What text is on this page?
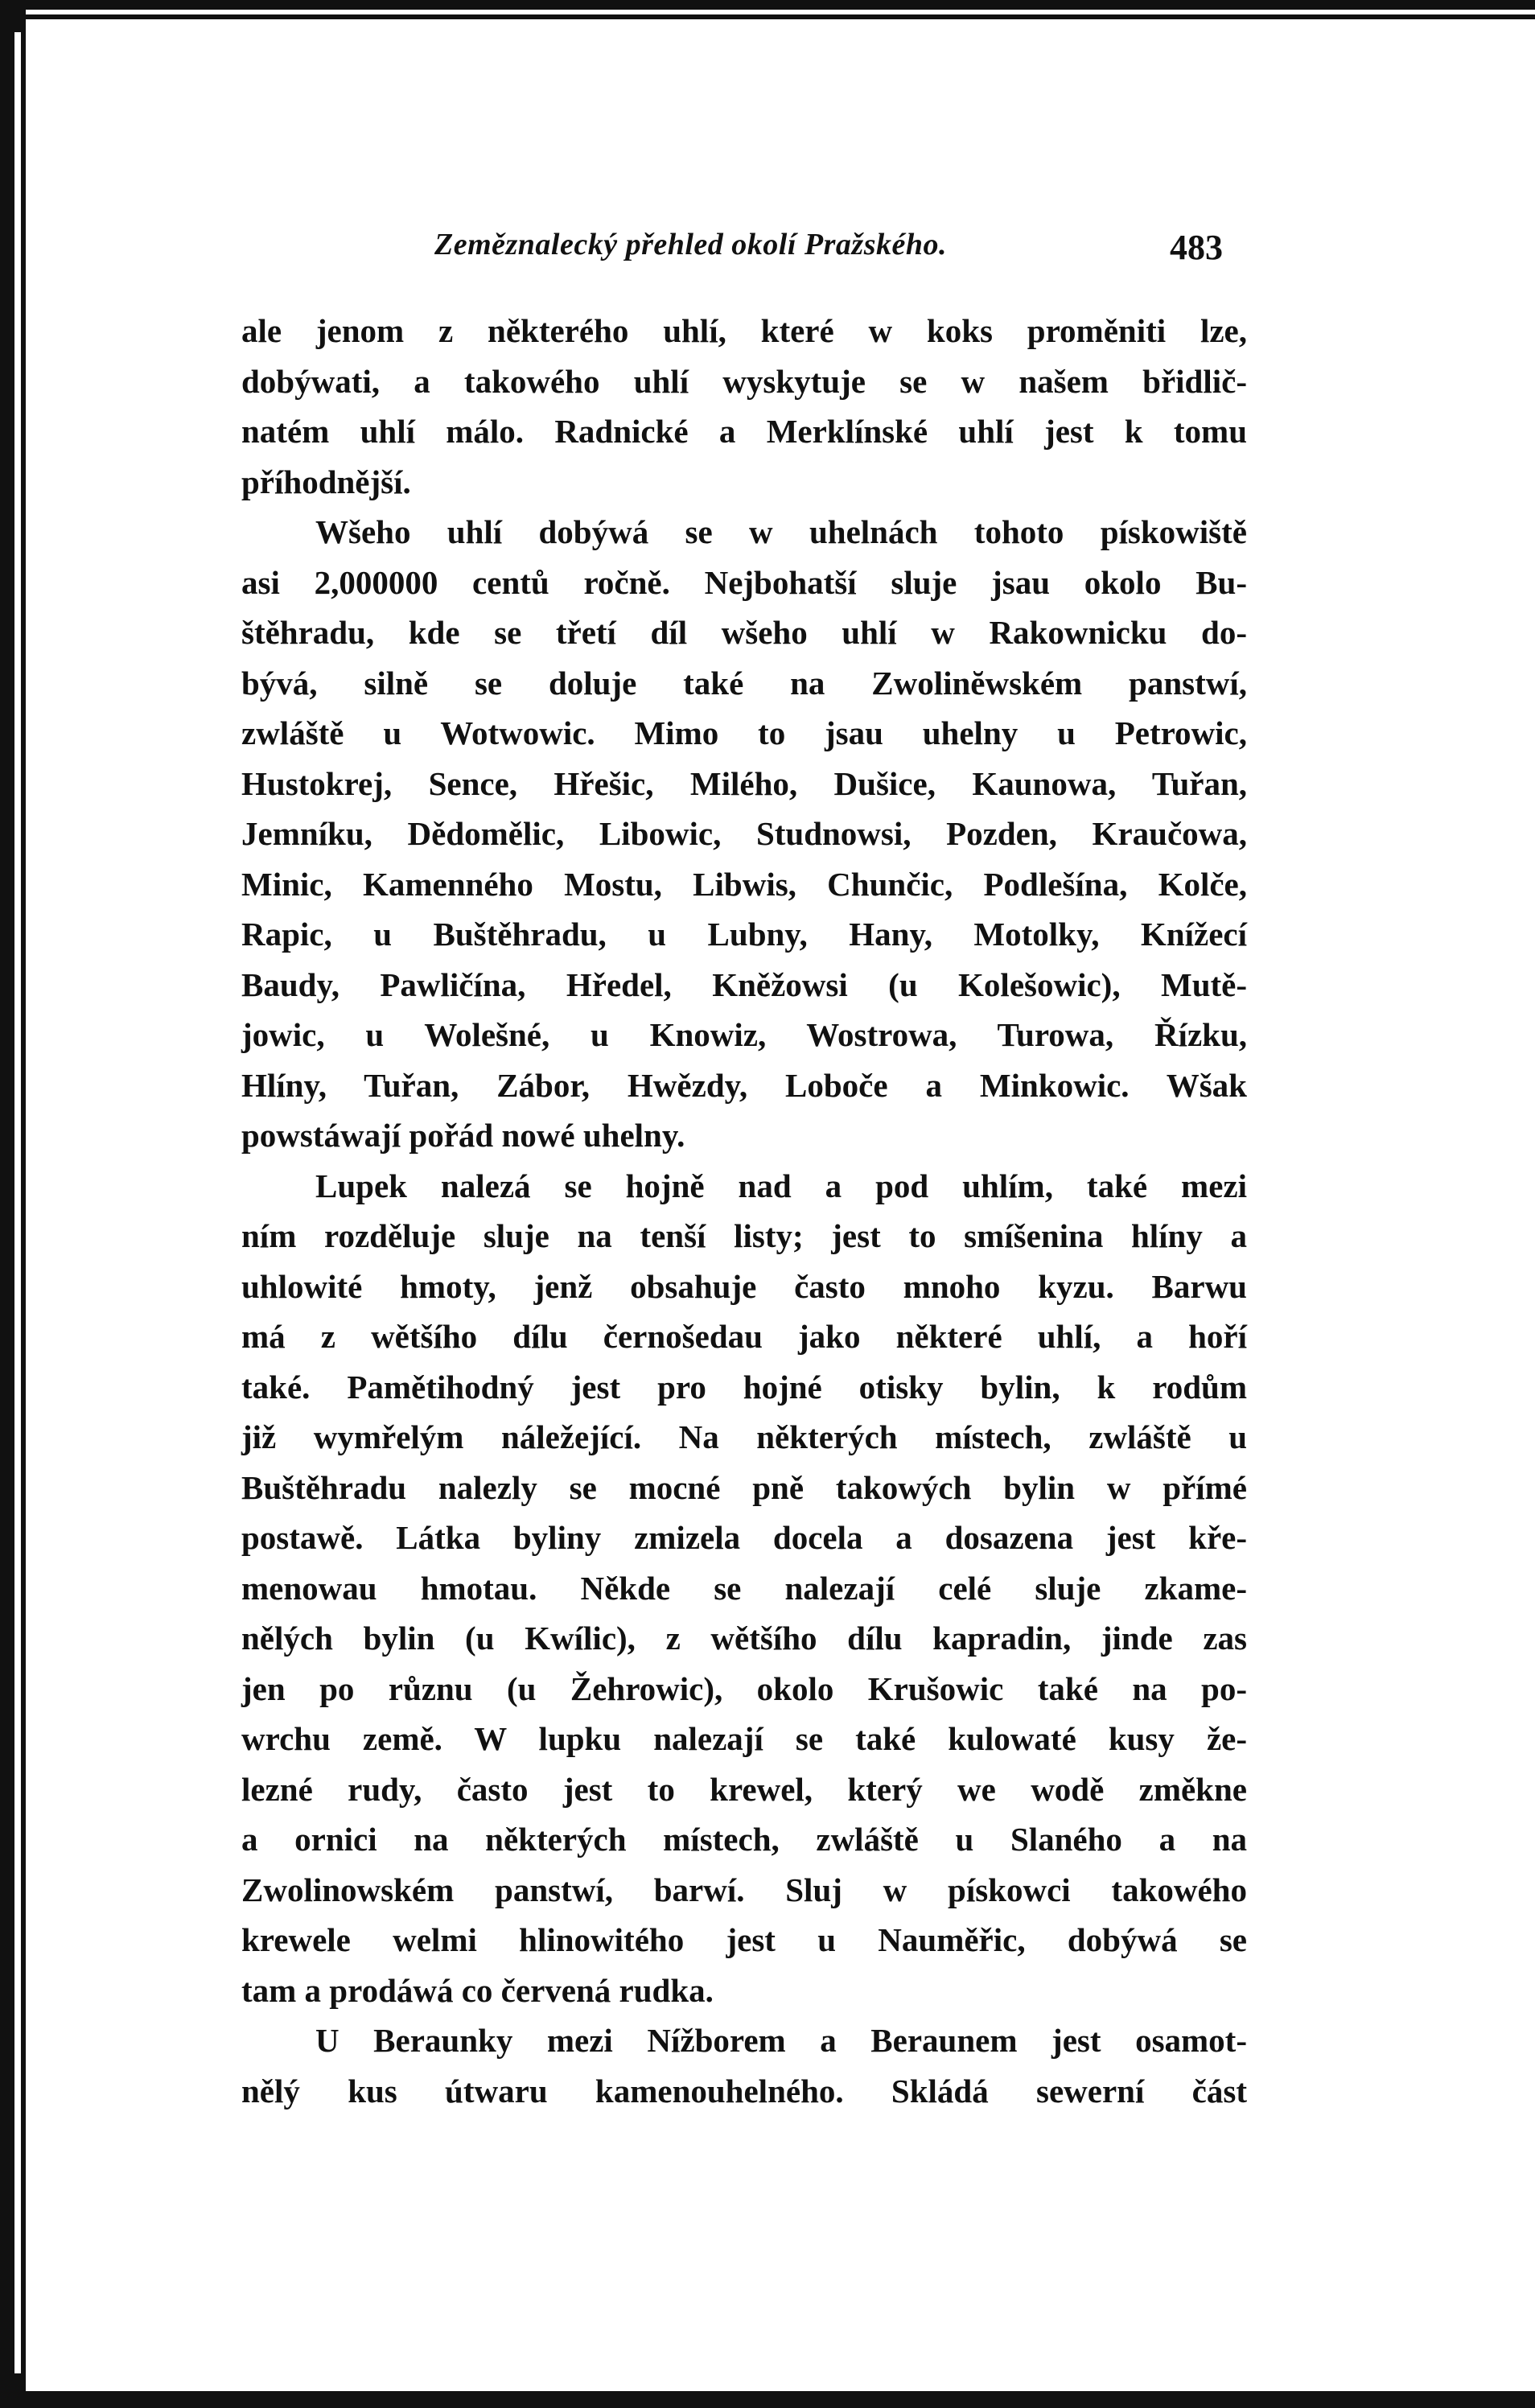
Zeměznalecký přehled okolí Pražského.	483
ale jenom z některého uhlí, které w koks proměniti lze,
dobýwati, a takowého uhlí wyskytuje se w našem břidlič-
natém uhlí málo. Radnické a Merklínské uhlí jest k tomu
příhodnější.
Wšeho uhlí dobýwá se w uhelnách tohoto pískowiště
asi 2,000000 centů ročně. Nejbohatší sluje jsau okolo Bu-
štěhradu, kde se třetí díl wšeho uhlí w Rakownicku do-
bývá, silně se doluje také na Zwolinĕwském panstwí,
zwláště u Wotwowic. Mimo to jsau uhelny u Petrowic,
Hustokrej, Sence, Hřešic, Milého, Dušice, Kaunowa, Tuřan,
Jemníku, Dědomělic, Libowic, Studnowsi, Pozden, Kraučowa,
Minic, Kamenného Mostu, Libwis, Chunčic, Podlešína, Kolče,
Rapic, u Buštěhradu, u Lubny, Hany, Motolky, Knížecí
Baudy, Pawličína, Hředel, Kněžowsi (u Kolešowic), Mutě-
jowic, u Wolešné, u Knowiz, Wostrowa, Turowa, Řízku,
Hlíny, Tuřan, Zábor, Hwězdy, Loboče a Minkowic. Wšak
powstáwají pořád nowé uhelny.
Lupek nalezá se hojně nad a pod uhlím, také mezi
ním rozděluje sluje na tenší listy; jest to smíšenina hlíny a
uhlowité hmoty, jenž obsahuje často mnoho kyzu. Barwu
má z wětšího dílu černošedau jako některé uhlí, a hoří
také. Pamětihodný jest pro hojné otisky bylin, k rodům
již wymřelým náležející. Na některých místech, zwláště u
Buštěhradu nalezly se mocné pně takowých bylin w přímé
postawě. Látka byliny zmizela docela a dosazena jest kře-
menowau hmotau. Někde se nalezají celé sluje zkame-
nělých bylin (u Kwílic), z wětšího dílu kapradin, jinde zas
jen po různu (u Žehrowic), okolo Krušowic také na po-
wrchu země. W lupku nalezají se také kulowaté kusy že-
lezné rudy, často jest to krewel, který we wodě změkne
a ornici na některých místech, zwláště u Slaného a na
Zwolinowském panstwí, barwí. Sluj w pískowci takowého
krewele welmi hlinowitého jest u Nauměřic, dobýwá se
tam a prodáwá co červená rudka.
U Beraunky mezi Nížborem a Beraunem jest osamot-
nělý kus útwaru kamenouhelného. Skládá sewerní část
